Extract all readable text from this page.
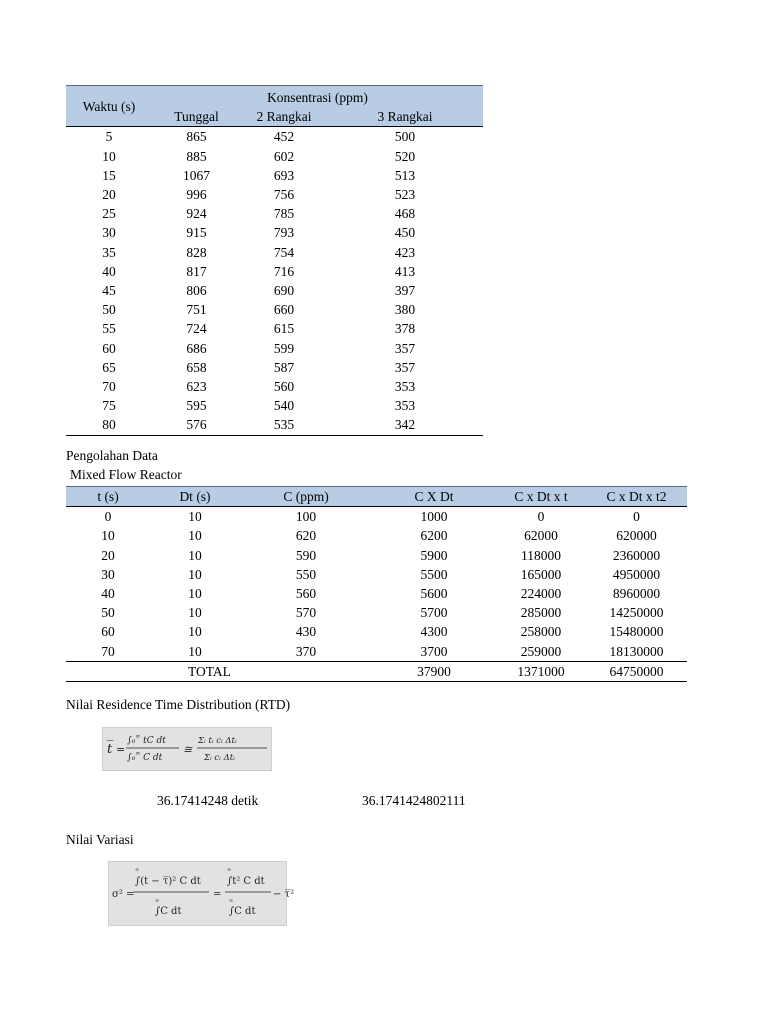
Waktu (s)	Konsentrasi (ppm)		
	Tunggal	2 Rangkai	3 Rangkai
5	865	452	500
10	885	602	520
15	1067	693	513
20	996	756	523
25	924	785	468
30	915	793	450
35	828	754	423
40	817	716	413
45	806	690	397
50	751	660	380
55	724	615	378
60	686	599	357
65	658	587	357
70	623	560	353
75	595	540	353
80	576	535	342
Pengolahan Data
Mixed Flow Reactor
t (s)	Dt (s)	C (ppm)	C X Dt	C x Dt x t	C x Dt x t2
0	10	100	1000	0	0
10	10	620	6200	62000	620000
20	10	590	5900	118000	2360000
30	10	550	5500	165000	4950000
40	10	560	5600	224000	8960000
50	10	570	5700	285000	14250000
60	10	430	4300	258000	15480000
70	10	370	3700	259000	18130000
	TOTAL		37900	1371000	64750000
Nilai Residence Time Distribution (RTD)
t̅ =
∫₀∞ tC dt
∫₀∞ C dt
≅
Σᵢ tᵢ cᵢ Δtᵢ
Σᵢ cᵢ Δtᵢ
36.17414248 detik	36.1741424802111
Nilai Variasi
σ² =
∫(t − τ̅)² C dt
∞
∫C dt
∞
=
∫t² C dt
∞
∫C dt
∞
− τ̅²
